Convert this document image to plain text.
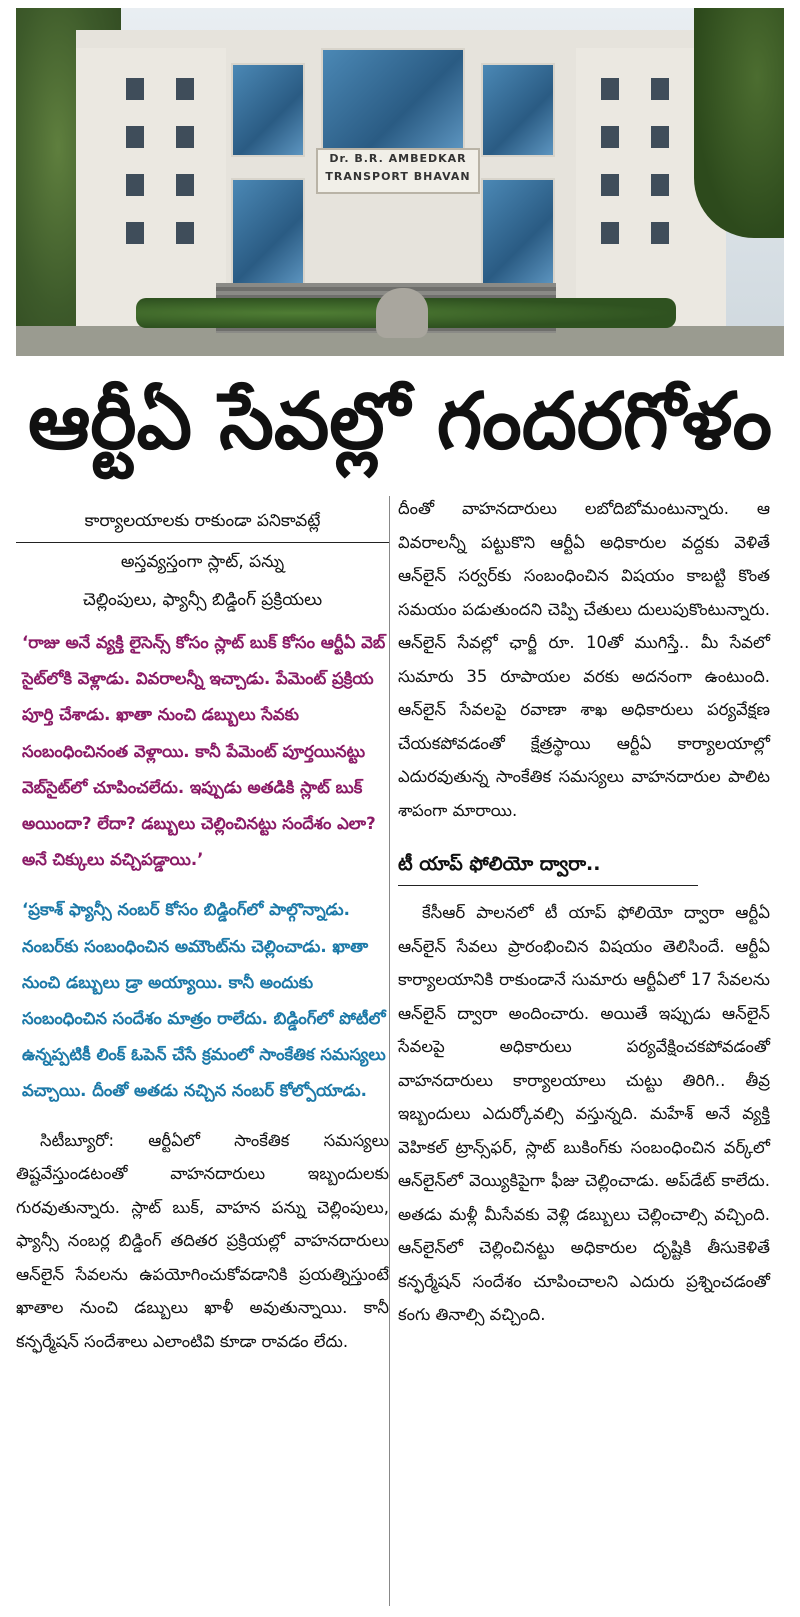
Dr. B.R. AMBEDKAR
TRANSPORT BHAVAN
ఆర్టీఏ సేవల్లో గందరగోళం

కార్యాలయాలకు రాకుండా పనికావట్లే

అస్తవ్యస్తంగా స్లాట్‌, పన్ను

చెల్లింపులు, ఫ్యాన్సీ బిడ్డింగ్‌ ప్రక్రియలు

‘రాజు అనే వ్యక్తి లైసెన్స్‌ కోసం స్లాట్‌ బుక్‌ కోసం ఆర్టీఏ వెబ్‌ సైట్‌లోకి వెళ్లాడు. వివరాలన్నీ ఇచ్చాడు. పేమెంట్‌ ప్రక్రియ పూర్తి చేశాడు. ఖాతా నుంచి డబ్బులు సేవకు సంబంధించినంత వెళ్లాయి. కానీ పేమెంట్‌ పూర్తయినట్టు వెబ్‌సైట్‌లో చూపించలేదు. ఇప్పుడు అతడికి స్లాట్‌ బుక్‌ అయిందా? లేదా? డబ్బులు చెల్లించినట్టు సందేశం ఎలా? అనే చిక్కులు వచ్చిపడ్డాయి.’

‘ప్రకాశ్‌ ఫ్యాన్సీ నంబర్‌ కోసం బిడ్డింగ్‌లో పాల్గొన్నాడు. నంబర్‌కు సంబంధించిన అమౌంట్‌ను చెల్లించాడు. ఖాతా నుంచి డబ్బులు డ్రా అయ్యాయి. కానీ అందుకు సంబంధించిన సందేశం మాత్రం రాలేదు. బిడ్డింగ్‌లో పోటీలో ఉన్నప్పటికీ లింక్‌ ఓపెన్‌ చేసే క్రమంలో సాంకేతిక సమస్యలు వచ్చాయి. దీంతో అతడు నచ్చిన నంబర్‌ కోల్పోయాడు.

సిటీబ్యూరో: ఆర్టీఏలో సాంకేతిక సమస్యలు తిష్టవేస్తుండటంతో వాహనదారులు ఇబ్బందులకు గురవుతున్నారు. స్లాట్‌ బుక్‌, వాహన పన్ను చెల్లింపులు, ఫ్యాన్సీ నంబర్ల బిడ్డింగ్‌ తదితర ప్రక్రియల్లో వాహనదారులు ఆన్‌లైన్‌ సేవలను ఉపయోగించుకోవడానికి ప్రయత్నిస్తుంటే ఖాతాల నుంచి డబ్బులు ఖాళీ అవుతున్నాయి. కానీ కన్ఫర్మేషన్‌ సందేశాలు ఎలాంటివి కూడా రావడం లేదు.

దీంతో వాహనదారులు లబోదిబోమంటున్నారు. ఆ వివరాలన్నీ పట్టుకొని ఆర్టీఏ అధికారుల వద్దకు వెళితే ఆన్‌లైన్‌ సర్వర్‌కు సంబంధించిన విషయం కాబట్టి కొంత సమయం పడుతుందని చెప్పి చేతులు దులుపుకొంటున్నారు. ఆన్‌లైన్‌ సేవల్లో ఛార్జీ రూ. 10తో ముగిస్తే.. మీ సేవలో సుమారు 35 రూపాయల వరకు అదనంగా ఉంటుంది. ఆన్‌లైన్‌ సేవలపై రవాణా శాఖ అధికారులు పర్యవేక్షణ చేయకపోవడంతో క్షేత్రస్థాయి ఆర్టీఏ కార్యాలయాల్లో ఎదురవుతున్న సాంకేతిక సమస్యలు వాహనదారుల పాలిట శాపంగా మారాయి.

టీ యాప్‌ ఫోలియో ద్వారా..

కేసీఆర్‌ పాలనలో టీ యాప్‌ ఫోలియో ద్వారా ఆర్టీఏ ఆన్‌లైన్‌ సేవలు ప్రారంభించిన విషయం తెలిసిందే. ఆర్టీఏ కార్యాలయానికి రాకుండానే సుమారు ఆర్టీఏలో 17 సేవలను ఆన్‌లైన్‌ ద్వారా అందించారు. అయితే ఇప్పుడు ఆన్‌లైన్‌ సేవలపై అధికారులు పర్యవేక్షించకపోవడంతో వాహనదారులు కార్యాలయాలు చుట్టు తిరిగి.. తీవ్ర ఇబ్బందులు ఎదుర్కోవల్సి వస్తున్నది. మహేశ్‌ అనే వ్యక్తి వెహికల్‌ ట్రాన్స్‌ఫర్‌, స్లాట్‌ బుకింగ్‌కు సంబంధించిన వర్క్‌లో ఆన్‌లైన్‌లో వెయ్యికిపైగా ఫీజు చెల్లించాడు. అప్‌డేట్‌ కాలేదు. అతడు మళ్లీ మీసేవకు వెళ్లి డబ్బులు చెల్లించాల్సి వచ్చింది. ఆన్‌లైన్‌లో చెల్లించినట్టు అధికారుల దృష్టికి తీసుకెళితే కన్ఫర్మేషన్‌ సందేశం చూపించాలని ఎదురు ప్రశ్నించడంతో కంగు తినాల్సి వచ్చింది.
